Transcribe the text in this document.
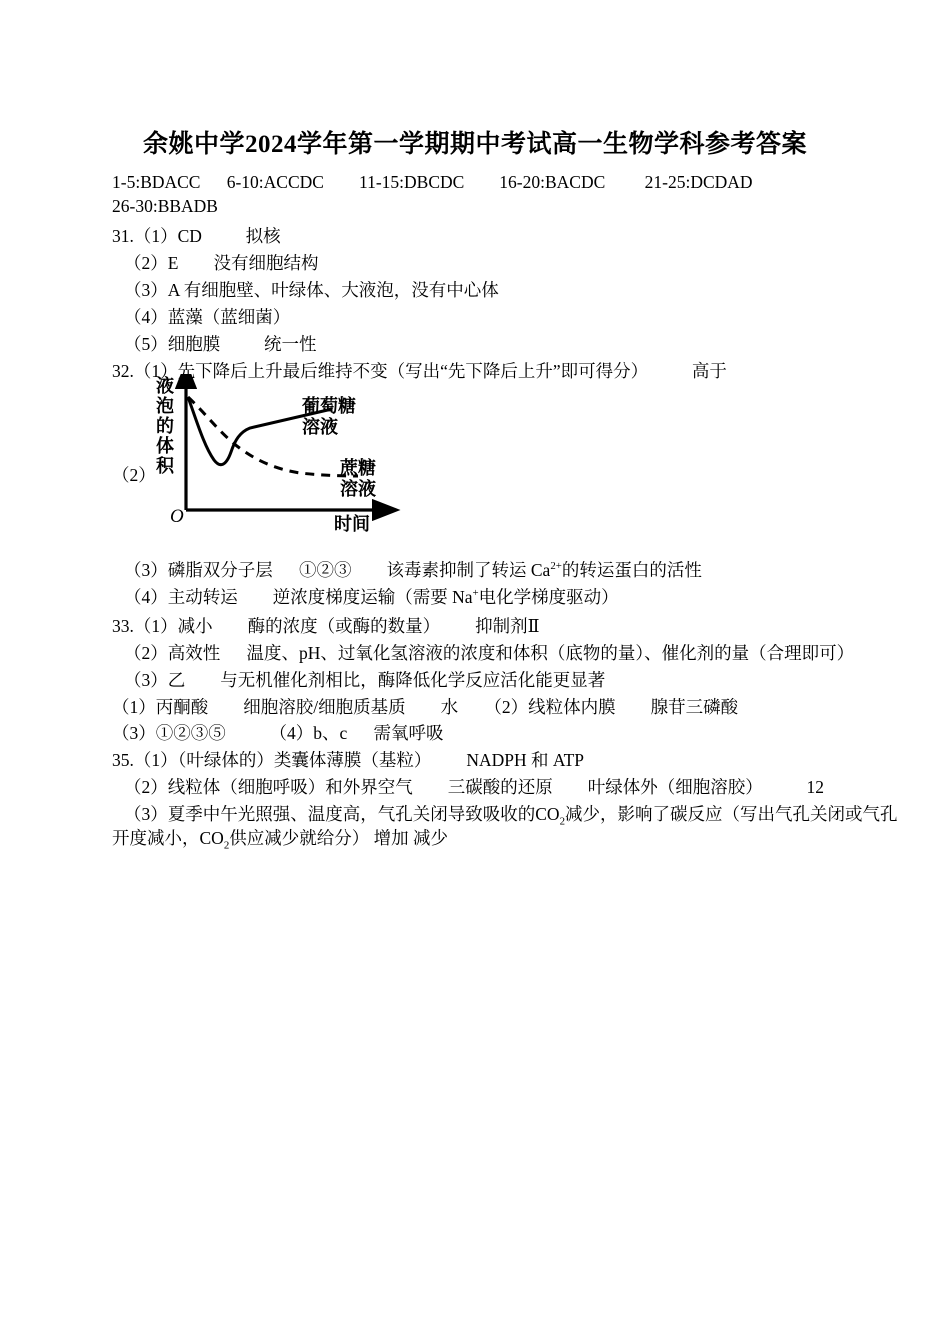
余姚中学2024学年第一学期期中考试高一生物学科参考答案
1-5:BDACC      6-10:ACCDC        11-15:DBCDC        16-20:BACDC         21-25:DCDAD
26-30:BBADB
31.（1）CD          拟核
（2）E        没有细胞结构
（3）A 有细胞壁、叶绿体、大液泡，没有中心体
（4）蓝藻（蓝细菌）
（5）细胞膜          统一性
32.（1）先下降后上升最后维持不变（写出“先下降后上升”即可得分）          高于
（2）
液
泡
的
体
积
葡萄糖
溶液
蔗糖
溶液
时间
O
（3）磷脂双分子层      ①②③        该毒素抑制了转运 $Ca^{2+}$的转运蛋白的活性
（4）主动转运        逆浓度梯度运输（需要 Na+电化学梯度驱动）
33.（1）减小        酶的浓度（或酶的数量）        抑制剂Ⅱ
（2）高效性      温度、pH、过氧化氢溶液的浓度和体积（底物的量）、催化剂的量（合理即可）
（3）乙        与无机催化剂相比，酶降低化学反应活化能更显著
（1）丙酮酸        细胞溶胶/细胞质基质        水      （2）线粒体内膜        腺苷三磷酸
（3）①②③⑤          （4）b、c      需氧呼吸
35.（1）（叶绿体的）类囊体薄膜（基粒）        NADPH 和 ATP
（2）线粒体（细胞呼吸）和外界空气        三碳酸的还原        叶绿体外（细胞溶胶）          12
（3）夏季中午光照强、温度高，气孔关闭导致吸收的$CO_2$减少，影响了碳反应（写出气孔关闭或气孔开度减小，$CO_2$供应减少就给分） 增加 减少
